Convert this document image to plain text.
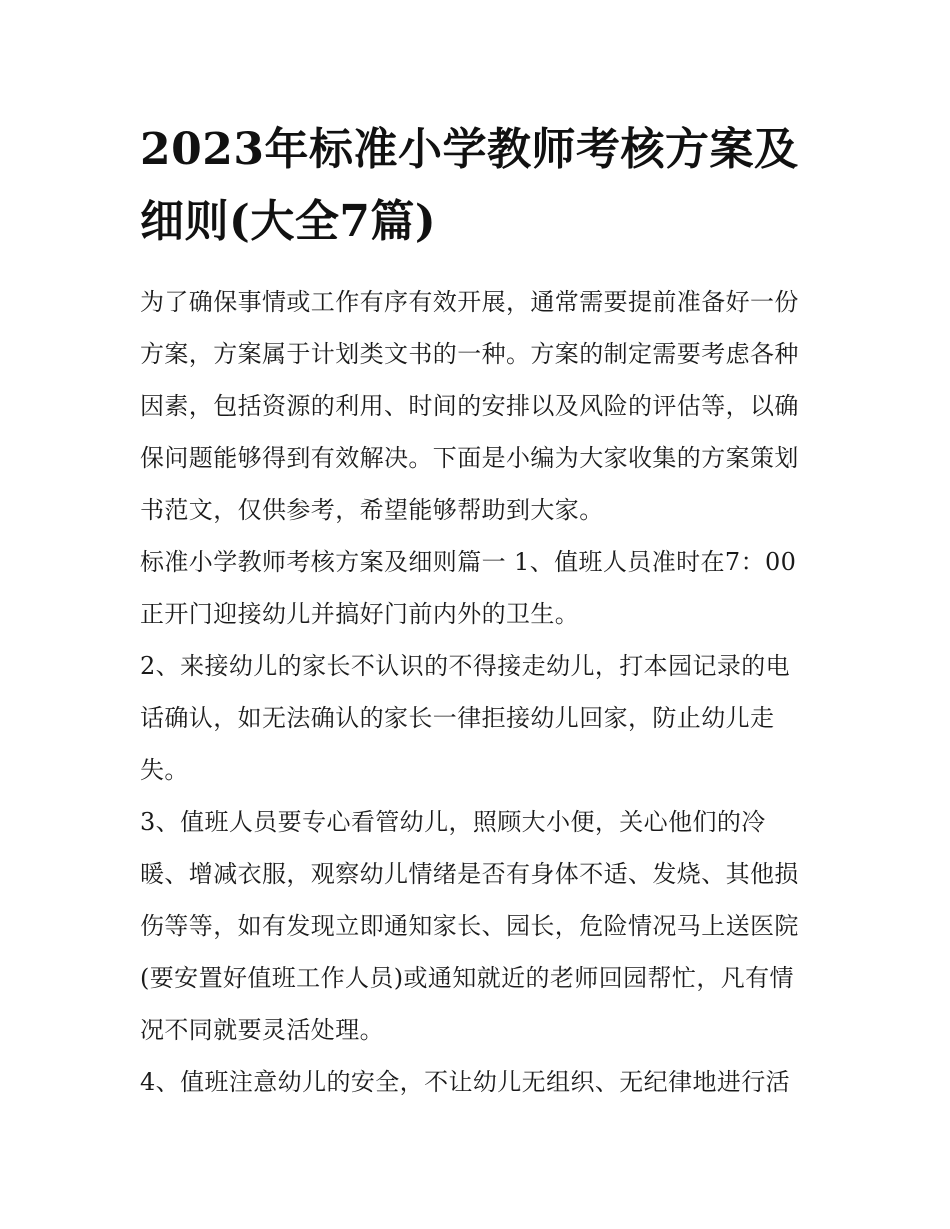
2023年标准小学教师考核方案及细则(大全7篇)

为了确保事情或工作有序有效开展，通常需要提前准备好一份方案，方案属于计划类文书的一种。方案的制定需要考虑各种因素，包括资源的利用、时间的安排以及风险的评估等，以确保问题能够得到有效解决。下面是小编为大家收集的方案策划书范文，仅供参考，希望能够帮助到大家。

标准小学教师考核方案及细则篇一 1、值班人员准时在7：00正开门迎接幼儿并搞好门前内外的卫生。

2、来接幼儿的家长不认识的不得接走幼儿，打本园记录的电话确认，如无法确认的家长一律拒接幼儿回家，防止幼儿走失。

3、值班人员要专心看管幼儿，照顾大小便，关心他们的冷暖、增减衣服，观察幼儿情绪是否有身体不适、发烧、其他损伤等等，如有发现立即通知家长、园长，危险情况马上送医院(要安置好值班工作人员)或通知就近的老师回园帮忙，凡有情况不同就要灵活处理。

4、值班注意幼儿的安全，不让幼儿无组织、无纪律地进行活
